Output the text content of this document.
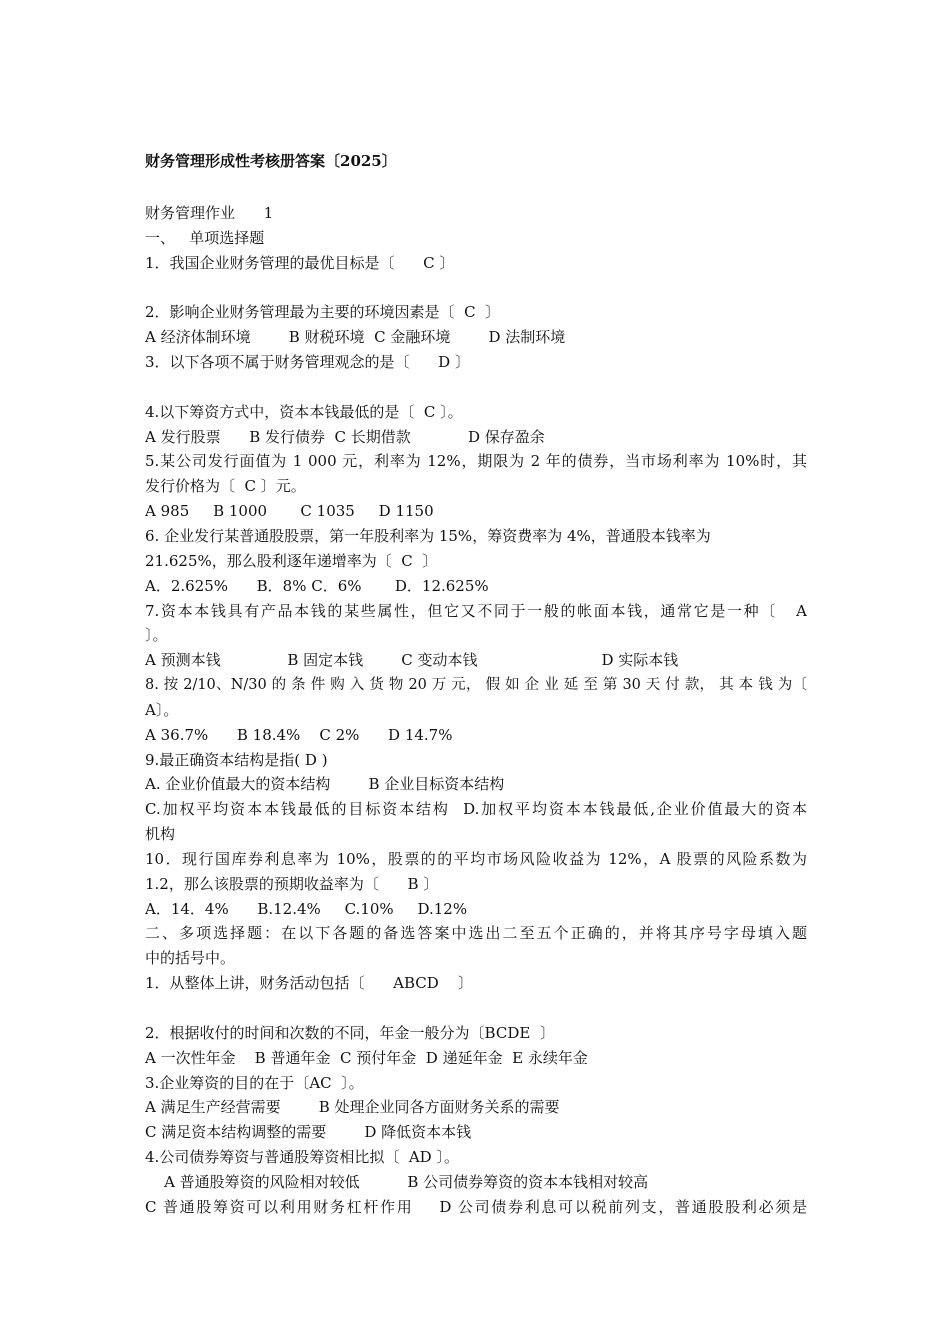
财务管理形成性考核册答案〔2025〕
财务管理作业      1
一、   单项选择题
1．我国企业财务管理的最优目标是〔      C 〕
2．影响企业财务管理最为主要的环境因素是〔  C  〕
A 经济体制环境        B 财税环境  C 金融环境        D 法制环境
3．以下各项不属于财务管理观念的是〔      D 〕
4.以下筹资方式中，资本本钱最低的是〔  C 〕。
A 发行股票      B 发行债券  C 长期借款            D 保存盈余
5.某公司发行面值为 1 000 元，利率为 12%，期限为 2 年的债券，当市场利率为 10%时，其
发行价格为〔  C 〕元。
A 985     B 1000       C 1035     D 1150
6. 企业发行某普通股股票，第一年股利率为 15%，筹资费率为 4%，普通股本钱率为
21.625%，那么股利逐年递增率为〔  C  〕
A．2.625%      B．8% C．6%       D．12.625%
7.资本本钱具有产品本钱的某些属性，但它又不同于一般的帐面本钱，通常它是一种〔   A
〕。
A 预测本钱              B 固定本钱        C 变动本钱                          D 实际本钱
8. 按 2/10、N/30 的 条 件 购 入 货 物 20 万 元， 假 如 企 业 延 至 第 30 天 付 款， 其 本 钱 为〔
A〕。
A 36.7%      B 18.4%    C 2%      D 14.7%
9.最正确资本结构是指( D )
A. 企业价值最大的资本结构        B 企业目标资本结构
C.加权平均资本本钱最低的目标资本结构  D.加权平均资本本钱最低,企业价值最大的资本
机构
10．现行国库券利息率为 10%，股票的的平均市场风险收益为 12%，A 股票的风险系数为
1.2，那么该股票的预期收益率为〔      B 〕
A．14．4%      B.12.4%     C.10%     D.12%
二、多项选择题：在以下各题的备选答案中选出二至五个正确的，并将其序号字母填入题
中的括号中。
1．从整体上讲，财务活动包括〔      ABCD    〕
2．根据收付的时间和次数的不同，年金一般分为〔BCDE  〕
A 一次性年金    B 普通年金  C 预付年金  D 递延年金  E 永续年金
3.企业筹资的目的在于〔AC  〕。
A 满足生产经营需要        B 处理企业同各方面财务关系的需要
C 满足资本结构调整的需要        D 降低资本本钱
4.公司债券筹资与普通股筹资相比拟〔  AD 〕。
A 普通股筹资的风险相对较低          B 公司债券筹资的资本本钱相对较高
C 普通股筹资可以利用财务杠杆作用    D 公司债券利息可以税前列支，普通股股利必须是
